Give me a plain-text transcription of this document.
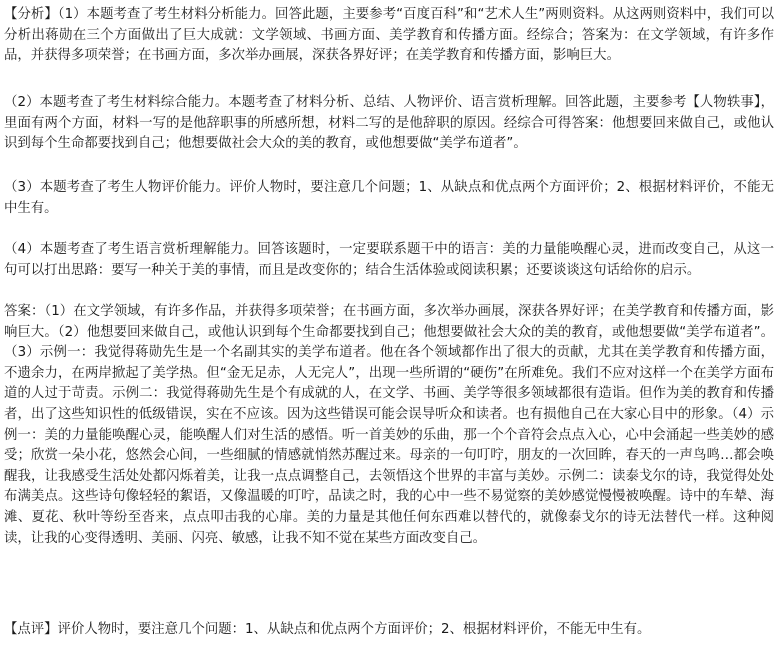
【分析】（1）本题考查了考生材料分析能力。回答此题，主要参考“百度百科”和“艺术人生”两则资料。从这两则资料中，我们可以分析出蒋勋在三个方面做出了巨大成就：文学领域、书画方面、美学教育和传播方面。经综合；答案为：在文学领域，有许多作品，并获得多项荣誉；在书画方面，多次举办画展，深获各界好评；在美学教育和传播方面，影响巨大。

（2）本题考查了考生材料综合能力。本题考查了材料分析、总结、人物评价、语言赏析理解。回答此题，主要参考【人物轶事】，里面有两个方面，材料一写的是他辞职事的所感所想，材料二写的是他辞职的原因。经综合可得答案：他想要回来做自己，或他认识到每个生命都要找到自己；他想要做社会大众的美的教育，或他想要做“美学布道者”。

（3）本题考查了考生人物评价能力。评价人物时，要注意几个问题；1、从缺点和优点两个方面评价；2、根据材料评价，不能无中生有。

（4）本题考查了考生语言赏析理解能力。回答该题时，一定要联系题干中的语言：美的力量能唤醒心灵，进而改变自己，从这一句可以打出思路：要写一种关于美的事情，而且是改变你的；结合生活体验或阅读积累；还要谈谈这句话给你的启示。

答案：（1）在文学领域，有许多作品，并获得多项荣誉；在书画方面，多次举办画展，深获各界好评；在美学教育和传播方面，影响巨大。（2）他想要回来做自己，或他认识到每个生命都要找到自己；他想要做社会大众的美的教育，或他想要做“美学布道者”。（3）示例一：我觉得蒋勋先生是一个名副其实的美学布道者。他在各个领域都作出了很大的贡献，尤其在美学教育和传播方面，不遗余力，在两岸掀起了美学热。但“金无足赤，人无完人”，出现一些所谓的“硬伤”在所难免。我们不应对这样一个在美学方面布道的人过于苛责。示例二：我觉得蒋勋先生是个有成就的人，在文学、书画、美学等很多领域都很有造诣。但作为美的教育和传播者，出了这些知识性的低级错误，实在不应该。因为这些错误可能会误导听众和读者。也有损他自己在大家心目中的形象。（4）示例一：美的力量能唤醒心灵，能唤醒人们对生活的感悟。听一首美妙的乐曲，那一个个音符会点点入心，心中会涌起一些美妙的感受；欣赏一朵小花，悠然会心间，一些细腻的情感就悄然苏醒过来。母亲的一句叮咛，朋友的一次回眸，春天的一声鸟鸣…都会唤醒我，让我感受生活处处都闪烁着美，让我一点点调整自己，去领悟这个世界的丰富与美妙。示例二：读泰戈尔的诗，我觉得处处布满美点。这些诗句像轻轻的絮语，又像温暖的叮咛，品读之时，我的心中一些不易觉察的美妙感觉慢慢被唤醒。诗中的车辇、海滩、夏花、秋叶等纷至沓来，点点叩击我的心扉。美的力量是其他任何东西难以替代的，就像泰戈尔的诗无法替代一样。这种阅读，让我的心变得透明、美丽、闪亮、敏感，让我不知不觉在某些方面改变自己。

【点评】评价人物时，要注意几个问题：1、从缺点和优点两个方面评价；2、根据材料评价，不能无中生有。
